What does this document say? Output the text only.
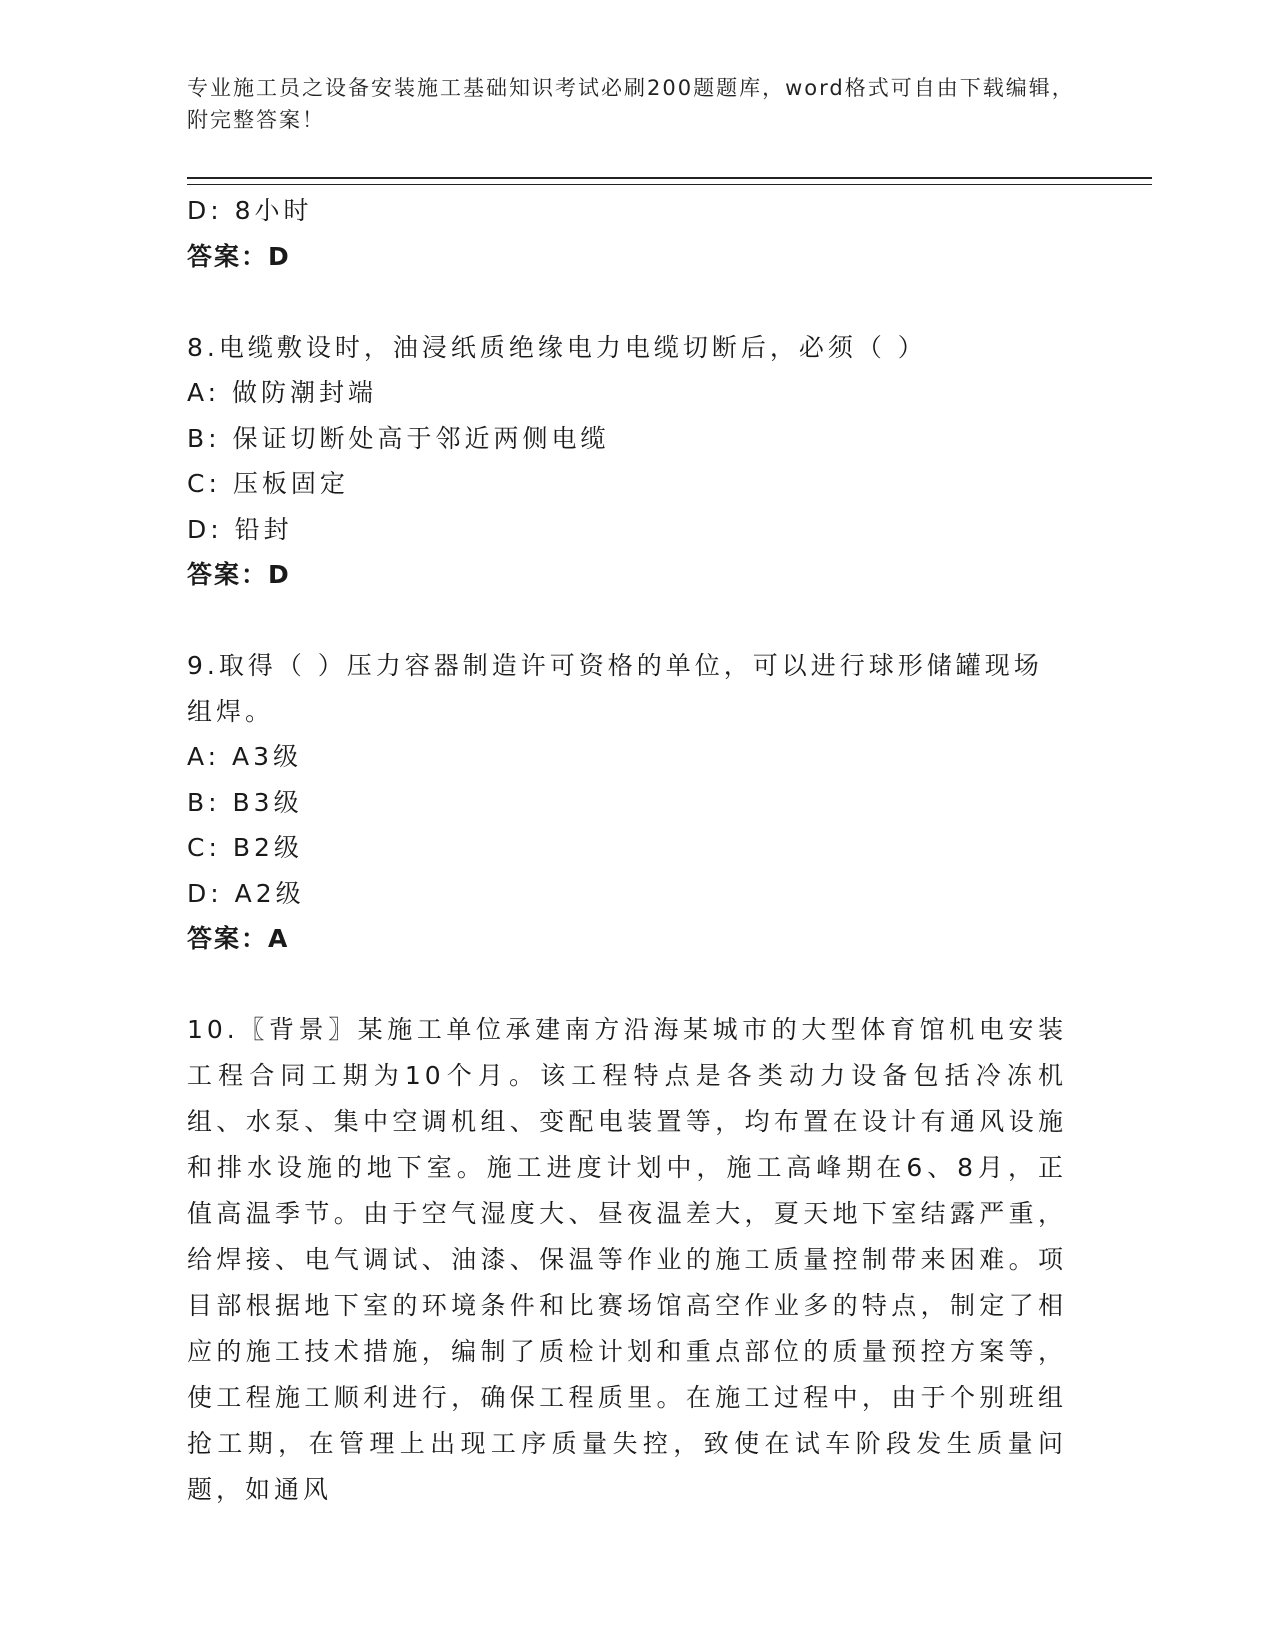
专业施工员之设备安装施工基础知识考试必刷200题题库，word格式可自由下载编辑，附完整答案！
D: 8小时
答案：D
8.电缆敷设时，油浸纸质绝缘电力电缆切断后，必须（ ）
A: 做防潮封端
B: 保证切断处高于邻近两侧电缆
C: 压板固定
D: 铅封
答案：D
9.取得（ ）压力容器制造许可资格的单位，可以进行球形储罐现场组焊。
A: A3级
B: B3级
C: B2级
D: A2级
答案：A
10.〖背景〗某施工单位承建南方沿海某城市的大型体育馆机电安装工程合同工期为10个月。该工程特点是各类动力设备包括冷冻机组、水泵、集中空调机组、变配电装置等，均布置在设计有通风设施和排水设施的地下室。施工进度计划中，施工高峰期在6、8月，正值高温季节。由于空气湿度大、昼夜温差大，夏天地下室结露严重，给焊接、电气调试、油漆、保温等作业的施工质量控制带来困难。项目部根据地下室的环境条件和比赛场馆高空作业多的特点，制定了相应的施工技术措施，编制了质检计划和重点部位的质量预控方案等，使工程施工顺利进行，确保工程质里。在施工过程中，由于个别班组抢工期，在管理上出现工序质量失控，致使在试车阶段发生质量问题，如通风
